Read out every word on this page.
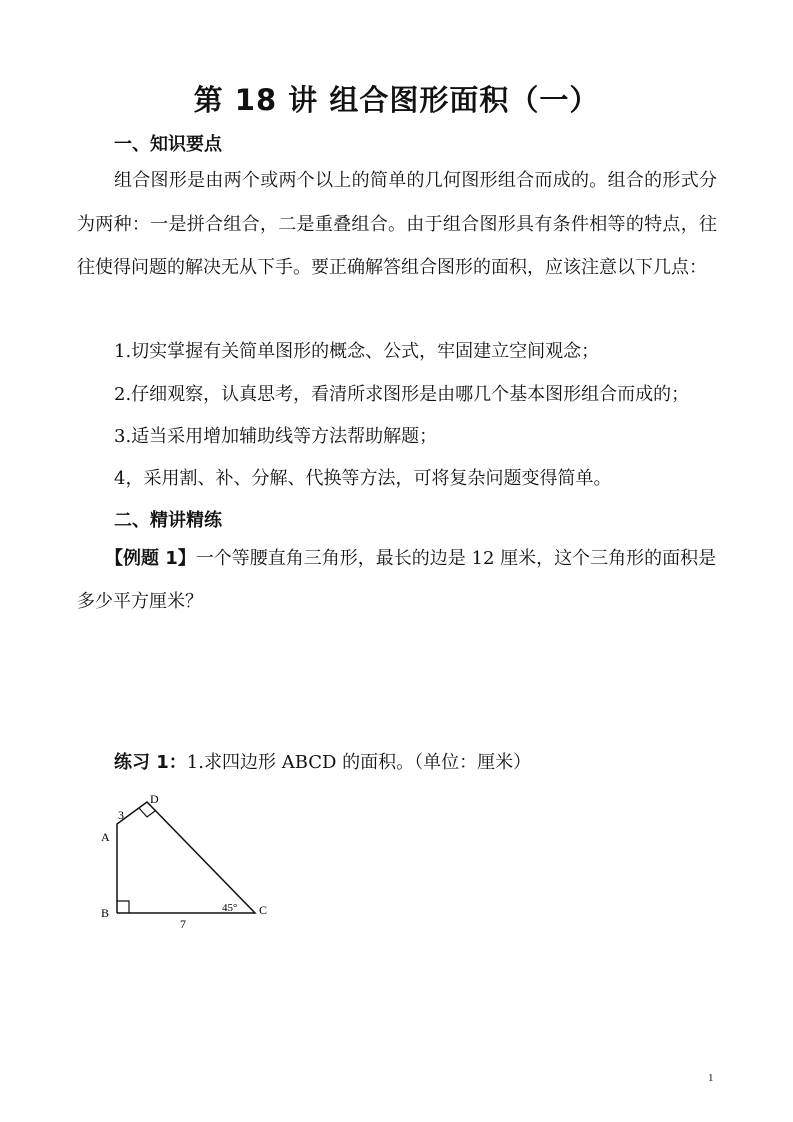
第 18 讲 组合图形面积（一）
一、知识要点
组合图形是由两个或两个以上的简单的几何图形组合而成的。组合的形式分为两种：一是拼合组合，二是重叠组合。由于组合图形具有条件相等的特点，往往使得问题的解决无从下手。要正确解答组合图形的面积，应该注意以下几点：
1.切实掌握有关简单图形的概念、公式，牢固建立空间观念；
2.仔细观察，认真思考，看清所求图形是由哪几个基本图形组合而成的；
3.适当采用增加辅助线等方法帮助解题；
4，采用割、补、分解、代换等方法，可将复杂问题变得简单。
二、精讲精练
【例题 1】一个等腰直角三角形，最长的边是 12 厘米，这个三角形的面积是多少平方厘米？
练习 1：1.求四边形 ABCD 的面积。（单位：厘米）
A
B	C
D
3
7
45°
1
